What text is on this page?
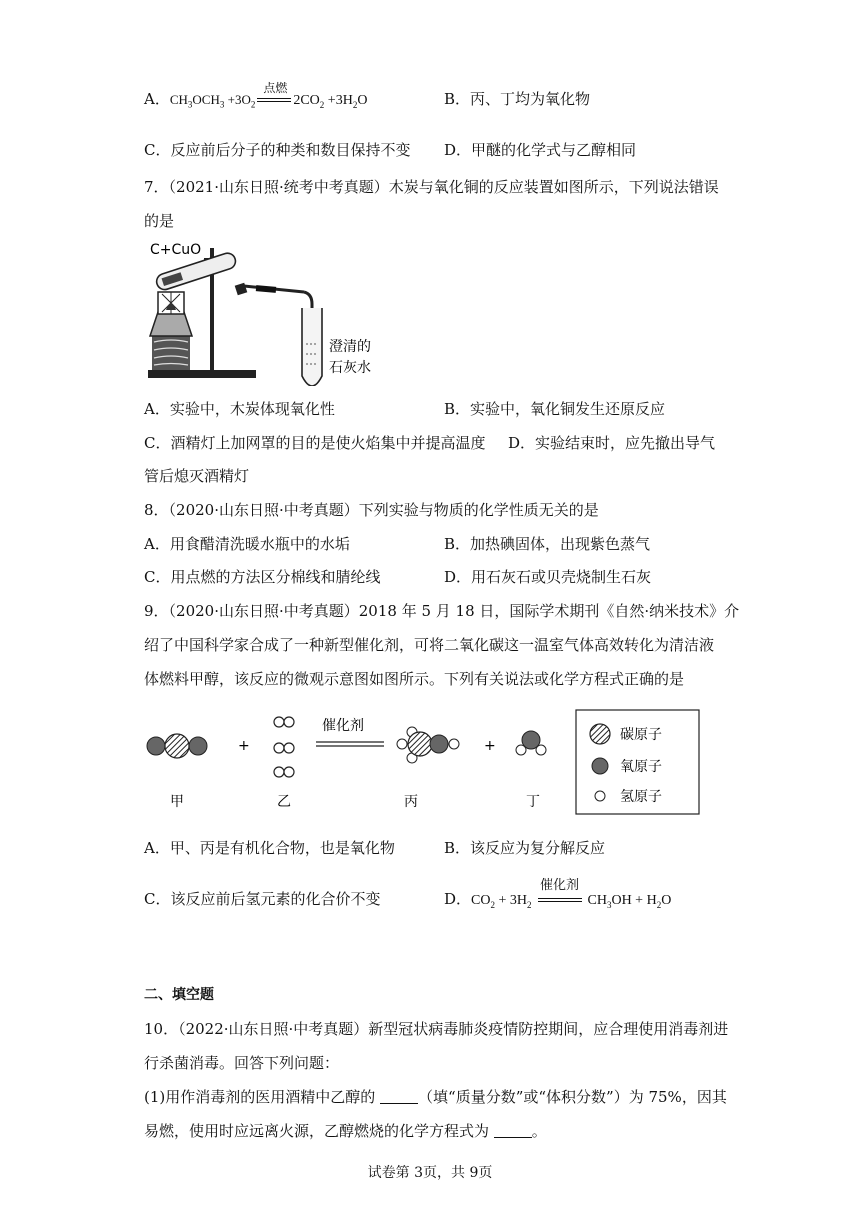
A．$CH_3OCH_3 +3O_2$
点燃
$2CO_2 +3H_2O$	B．丙、丁均为氧化物
C．反应前后分子的种类和数目保持不变 D．甲醚的化学式与乙醇相同
7．（2021·山东日照·统考中考真题）木炭与氧化铜的反应装置如图所示，下列说法错误
的是
C+CuO
澄清的
石灰水
A．实验中，木炭体现氧化性	B．实验中，氧化铜发生还原反应
C．酒精灯上加网罩的目的是使火焰集中并提高温度 D．实验结束时，应先撤出导气
管后熄灭酒精灯
8．（2020·山东日照·中考真题）下列实验与物质的化学性质无关的是
A．用食醋清洗暖水瓶中的水垢	B．加热碘固体，出现紫色蒸气
C．用点燃的方法区分棉线和腈纶线	D．用石灰石或贝壳烧制生石灰
9．（2020·山东日照·中考真题）2018 年 5 月 18 日，国际学术期刊《自然·纳米技术》介
绍了中国科学家合成了一种新型催化剂，可将二氧化碳这一温室气体高效转化为清洁液
体燃料甲醇，该反应的微观示意图如图所示。下列有关说法或化学方程式正确的是
+
催化剂
+
甲	乙	丙	丁
碳原子
氧原子
氢原子
A．甲、丙是有机化合物，也是氧化物	B．该反应为复分解反应
C．该反应前后氢元素的化合价不变	D．$CO_2 + 3H_2$
催化剂
$CH_3OH + H_2O$
二、填空题
10．（2022·山东日照·中考真题）新型冠状病毒肺炎疫情防控期间，应合理使用消毒剂进
行杀菌消毒。回答下列问题：
(1)用作消毒剂的医用酒精中乙醇的	（填“质量分数”或“体积分数”）为 75%，因其
易燃，使用时应远离火源，乙醇燃烧的化学方程式为	。
试卷第 3页，共 9页
